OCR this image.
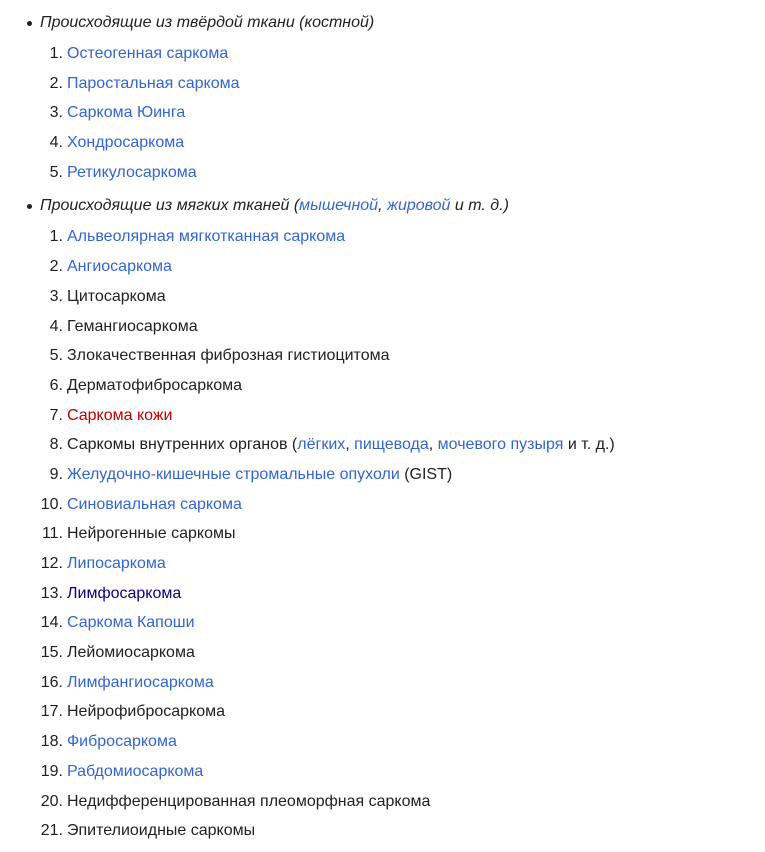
Происходящие из твёрдой ткани (костной)
1. Остеогенная саркома
2. Паростальная саркома
3. Саркома Юинга
4. Хондросаркома
5. Ретикулосаркома
Происходящие из мягких тканей (мышечной, жировой и т. д.)
1. Альвеолярная мягкотканная саркома
2. Ангиосаркома
3. Цитосаркома
4. Гемангиосаркома
5. Злокачественная фиброзная гистиоцитома
6. Дерматофибросаркома
7. Саркома кожи
8. Саркомы внутренних органов (лёгких, пищевода, мочевого пузыря и т. д.)
9. Желудочно-кишечные стромальные опухоли (GIST)
10. Синовиальная саркома
11. Нейрогенные саркомы
12. Липосаркома
13. Лимфосаркома
14. Саркома Капоши
15. Лейомиосаркома
16. Лимфангиосаркома
17. Нейрофибросаркома
18. Фибросаркома
19. Рабдомиосаркома
20. Недифференцированная плеоморфная саркома
21. Эпителиоидные саркомы
